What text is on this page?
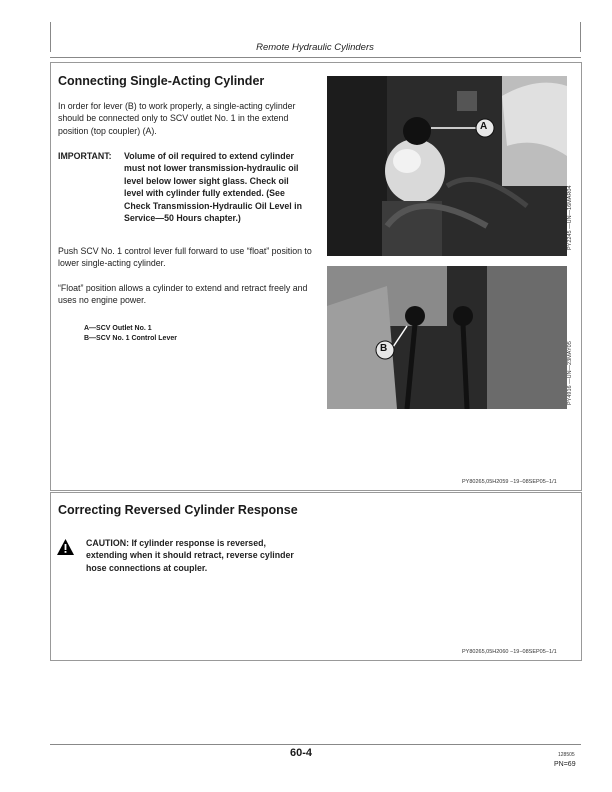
Remote Hydraulic Cylinders
Connecting Single-Acting Cylinder
In order for lever (B) to work properly, a single-acting cylinder should be connected only to SCV outlet No. 1 in the extend position (top coupler) (A).
IMPORTANT: Volume of oil required to extend cylinder must not lower transmission-hydraulic oil level below lower sight glass. Check oil level with cylinder fully extended. (See Check Transmission-Hydraulic Oil Level in Service—50 Hours chapter.)
Push SCV No. 1 control lever full forward to use “float” position to lower single-acting cylinder.
“Float” position allows a cylinder to extend and retract freely and uses no engine power.
A—SCV Outlet No. 1
B—SCV No. 1 Control Lever
A
PY2245 —UN—16MAR04
B	PY4916 —UN—23MAY05
PY80265,05H2059 −19−08SEP05−1/1
Correcting Reversed Cylinder Response
CAUTION: If cylinder response is reversed, extending when it should retract, reverse cylinder hose connections at coupler.
PY80265,05H2060 −19−08SEP05−1/1
60-4	128505
PN=69
